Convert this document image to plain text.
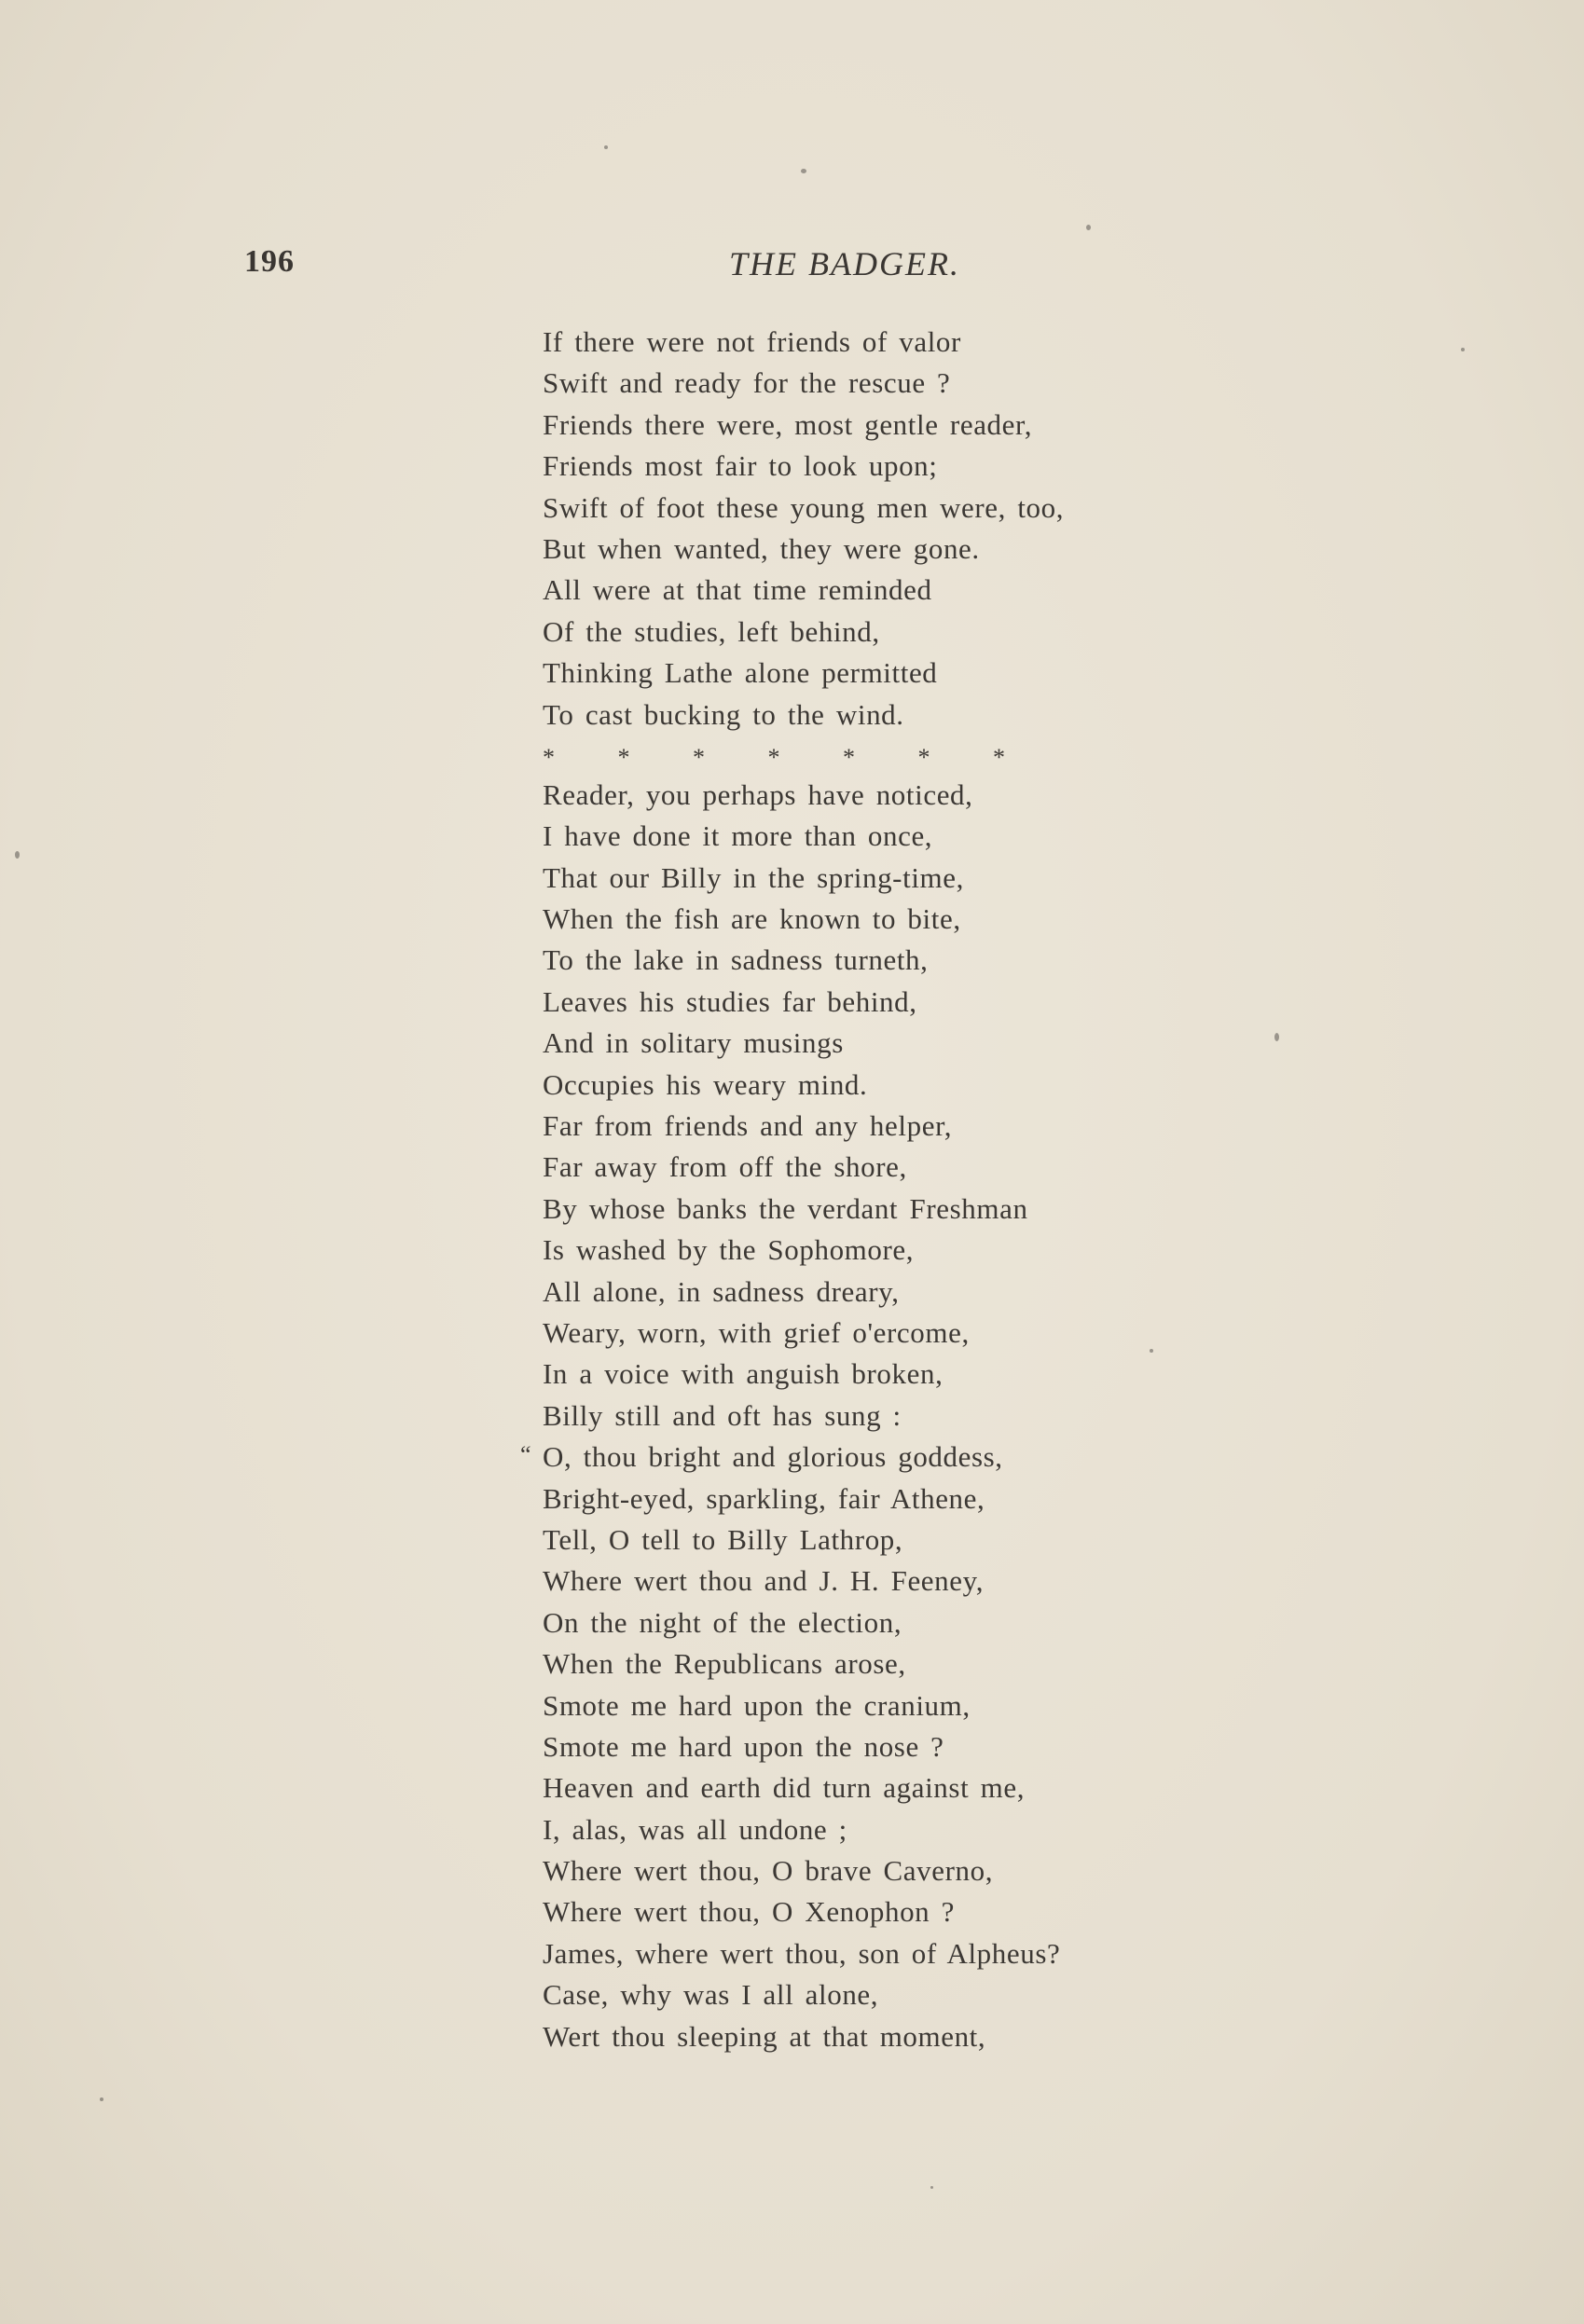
196	THE BADGER.
If there were not friends of valor
Swift and ready for the rescue ?
Friends there were, most gentle reader,
Friends most fair to look upon;
Swift of foot these young men were, too,
But when wanted, they were gone.
All were at that time reminded
Of the studies, left behind,
Thinking Lathe alone permitted
To cast bucking to the wind.
*	*	*	*	*	*	*
Reader, you perhaps have noticed,
I have done it more than once,
That our Billy in the spring-time,
When the fish are known to bite,
To the lake in sadness turneth,
Leaves his studies far behind,
And in solitary musings
Occupies his weary mind.
Far from friends and any helper,
Far away from off the shore,
By whose banks the verdant Freshman
Is washed by the Sophomore,
All alone, in sadness dreary,
Weary, worn, with grief o'ercome,
In a voice with anguish broken,
Billy still and oft has sung :
“ O, thou bright and glorious goddess,
Bright-eyed, sparkling, fair Athene,
Tell, O tell to Billy Lathrop,
Where wert thou and J. H. Feeney,
On the night of the election,
When the Republicans arose,
Smote me hard upon the cranium,
Smote me hard upon the nose ?
Heaven and earth did turn against me,
I, alas, was all undone ;
Where wert thou, O brave Caverno,
Where wert thou, O Xenophon ?
James, where wert thou, son of Alpheus?
Case, why was I all alone,
Wert thou sleeping at that moment,
